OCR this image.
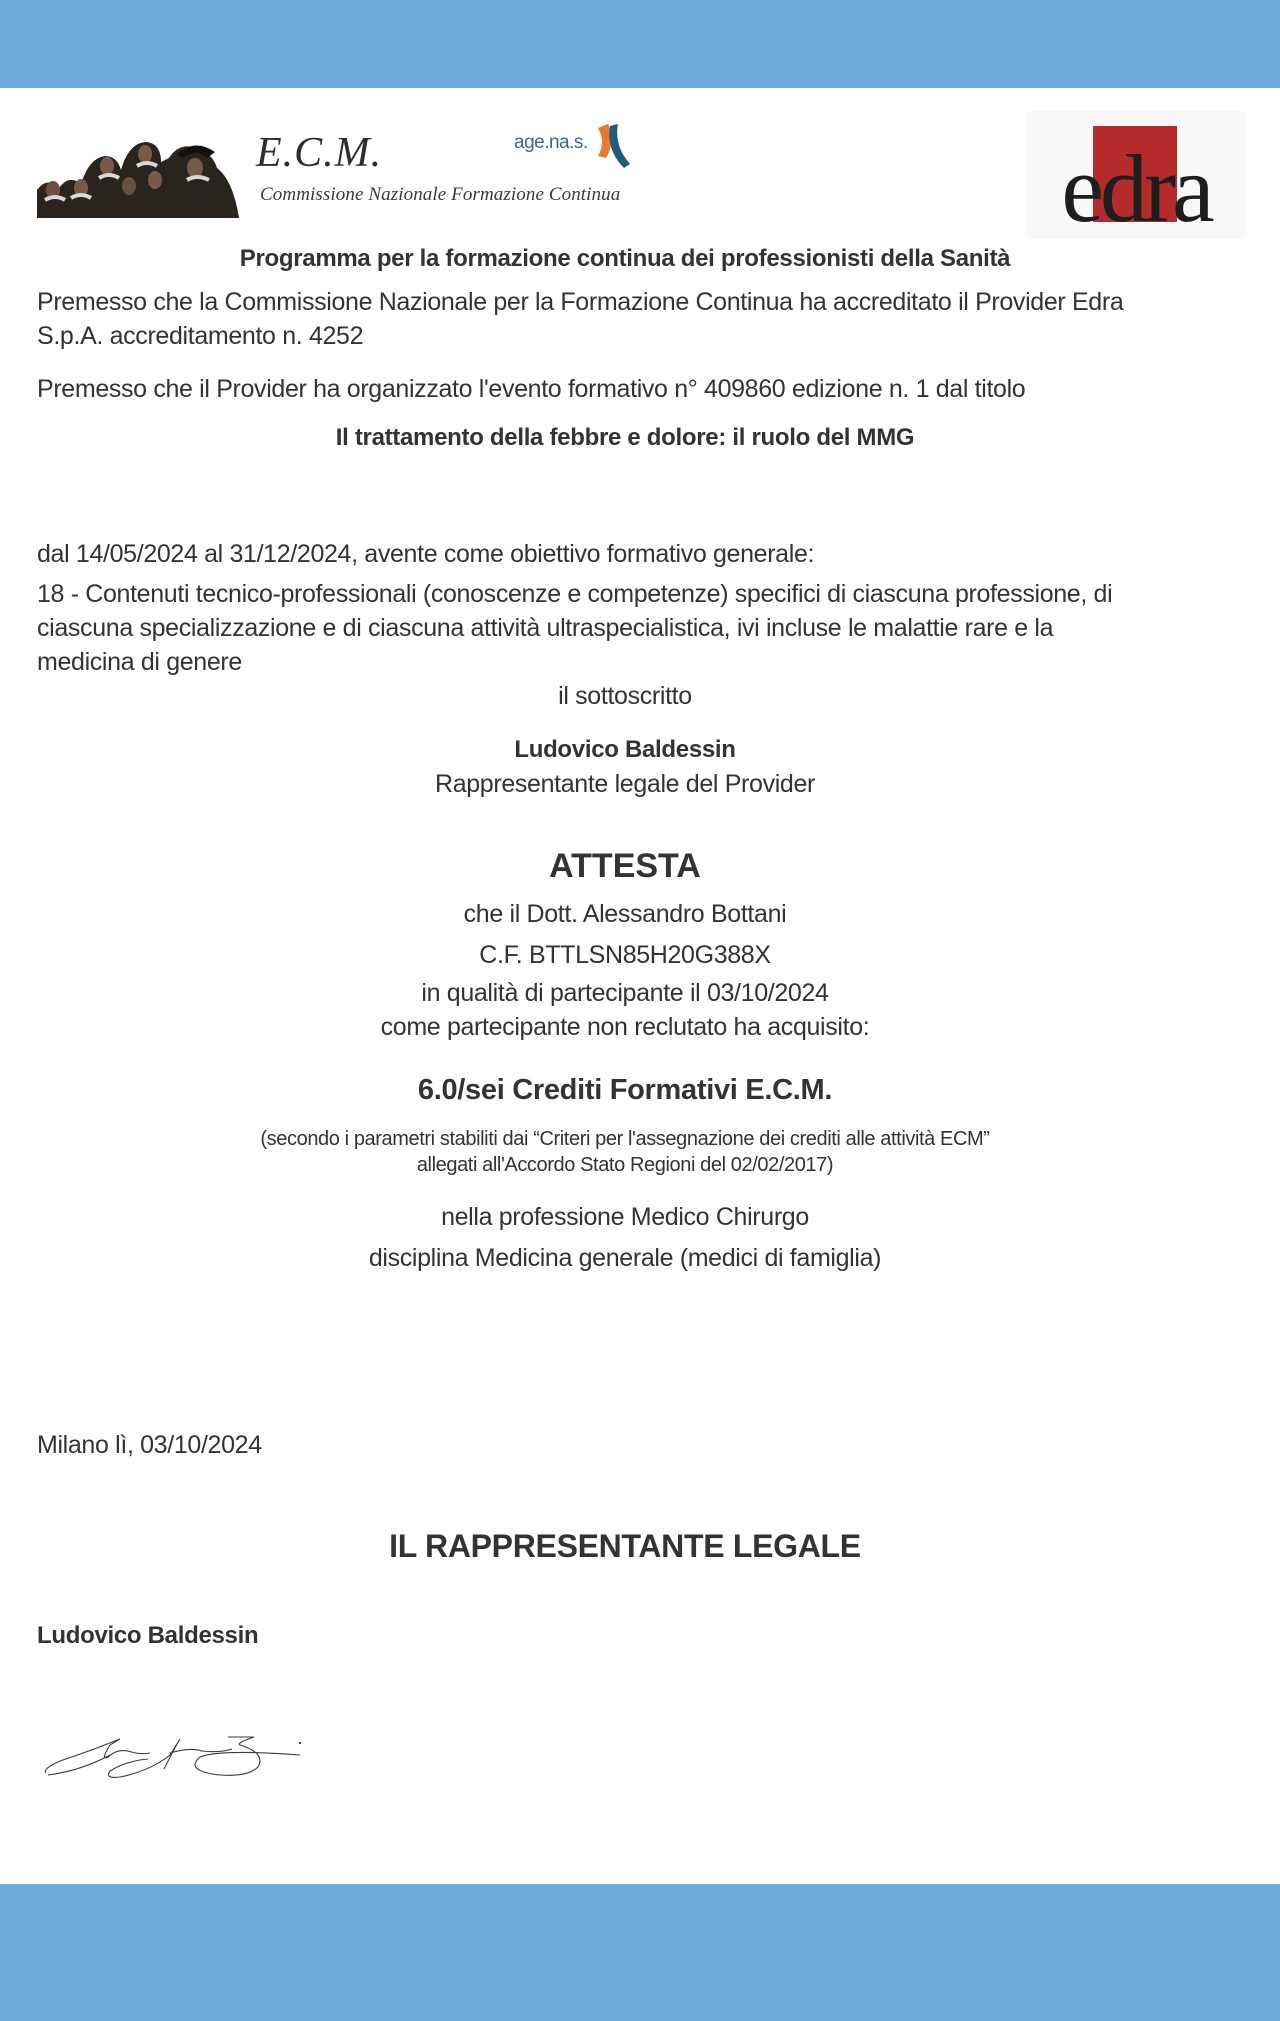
E.C.M.
Commissione Nazionale Formazione Continua
age.na.s.	edra
Programma per la formazione continua dei professionisti della Sanità
Premesso che la Commissione Nazionale per la Formazione Continua ha accreditato il Provider Edra
S.p.A. accreditamento n. 4252
Premesso che il Provider ha organizzato l'evento formativo n° 409860 edizione n. 1 dal titolo
Il trattamento della febbre e dolore: il ruolo del MMG
dal 14/05/2024 al 31/12/2024, avente come obiettivo formativo generale:
18 - Contenuti tecnico-professionali (conoscenze e competenze) specifici di ciascuna professione, di
ciascuna specializzazione e di ciascuna attività ultraspecialistica, ivi incluse le malattie rare e la
medicina di genere
il sottoscritto
Ludovico Baldessin
Rappresentante legale del Provider
ATTESTA
che il Dott. Alessandro Bottani
C.F. BTTLSN85H20G388X
in qualità di partecipante il 03/10/2024
come partecipante non reclutato ha acquisito:
6.0/sei Crediti Formativi E.C.M.
(secondo i parametri stabiliti dai “Criteri per l'assegnazione dei crediti alle attività ECM”
allegati all'Accordo Stato Regioni del 02/02/2017)
nella professione Medico Chirurgo
disciplina Medicina generale (medici di famiglia)
Milano lì, 03/10/2024
IL RAPPRESENTANTE LEGALE
Ludovico Baldessin
